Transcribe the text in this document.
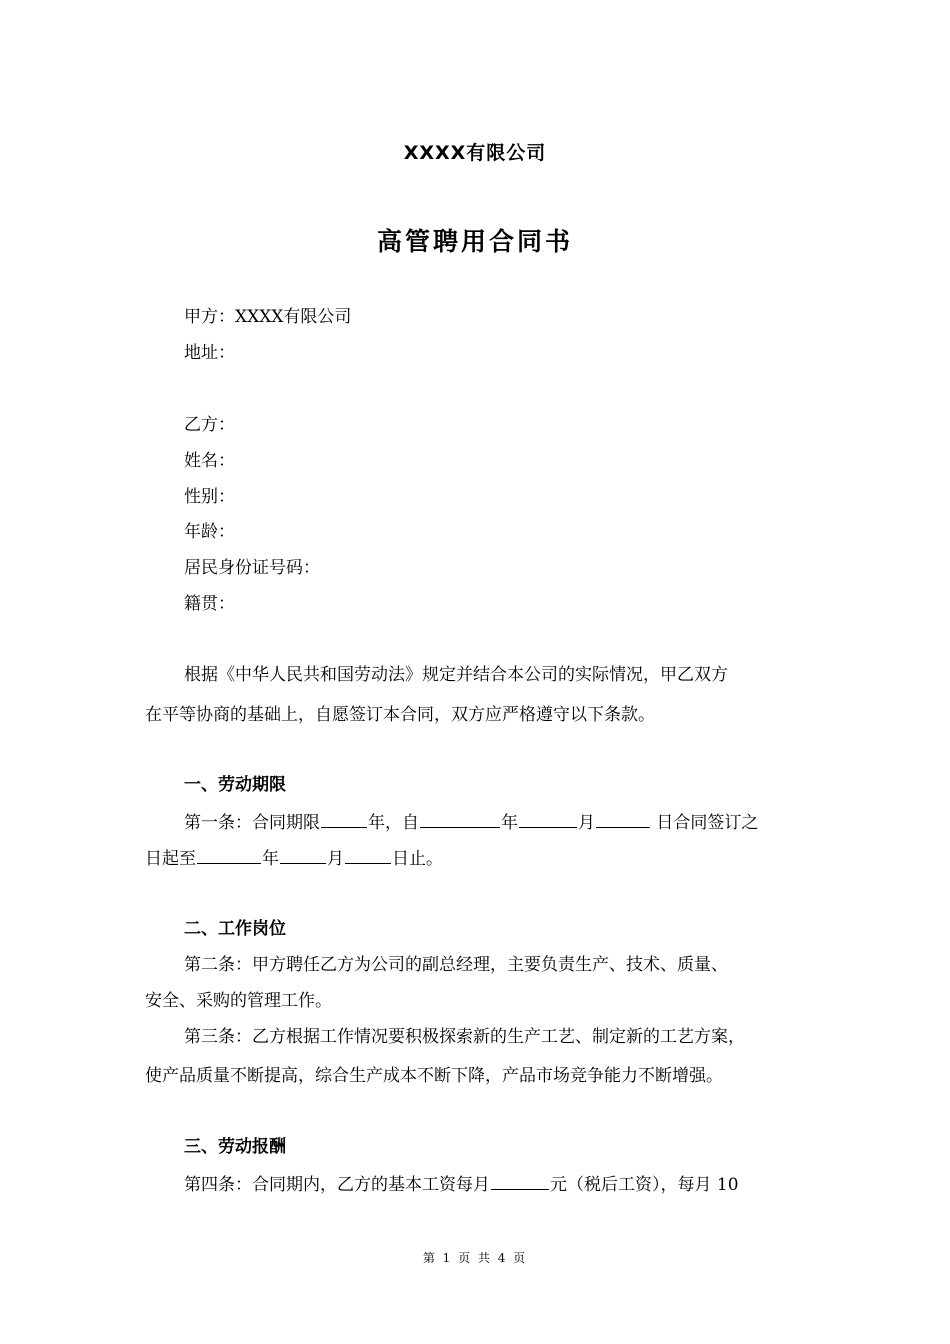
XXXX有限公司
高管聘用合同书
甲方：XXXX有限公司
地址：
乙方：
姓名：
性别：
年龄：
居民身份证号码：
籍贯：
根据《中华人民共和国劳动法》规定并结合本公司的实际情况，甲乙双方
在平等协商的基础上，自愿签订本合同，双方应严格遵守以下条款。
一、劳动期限
第一条：合同期限	年，自	年	月	日合同签订之
日起至	年	月	日止。
二、工作岗位
第二条：甲方聘任乙方为公司的副总经理，主要负责生产、技术、质量、
安全、采购的管理工作。
第三条：乙方根据工作情况要积极探索新的生产工艺、制定新的工艺方案，
使产品质量不断提高，综合生产成本不断下降，产品市场竞争能力不断增强。
三、劳动报酬
第四条：合同期内，乙方的基本工资每月	元（税后工资），每月 10
第 1 页 共 4 页
